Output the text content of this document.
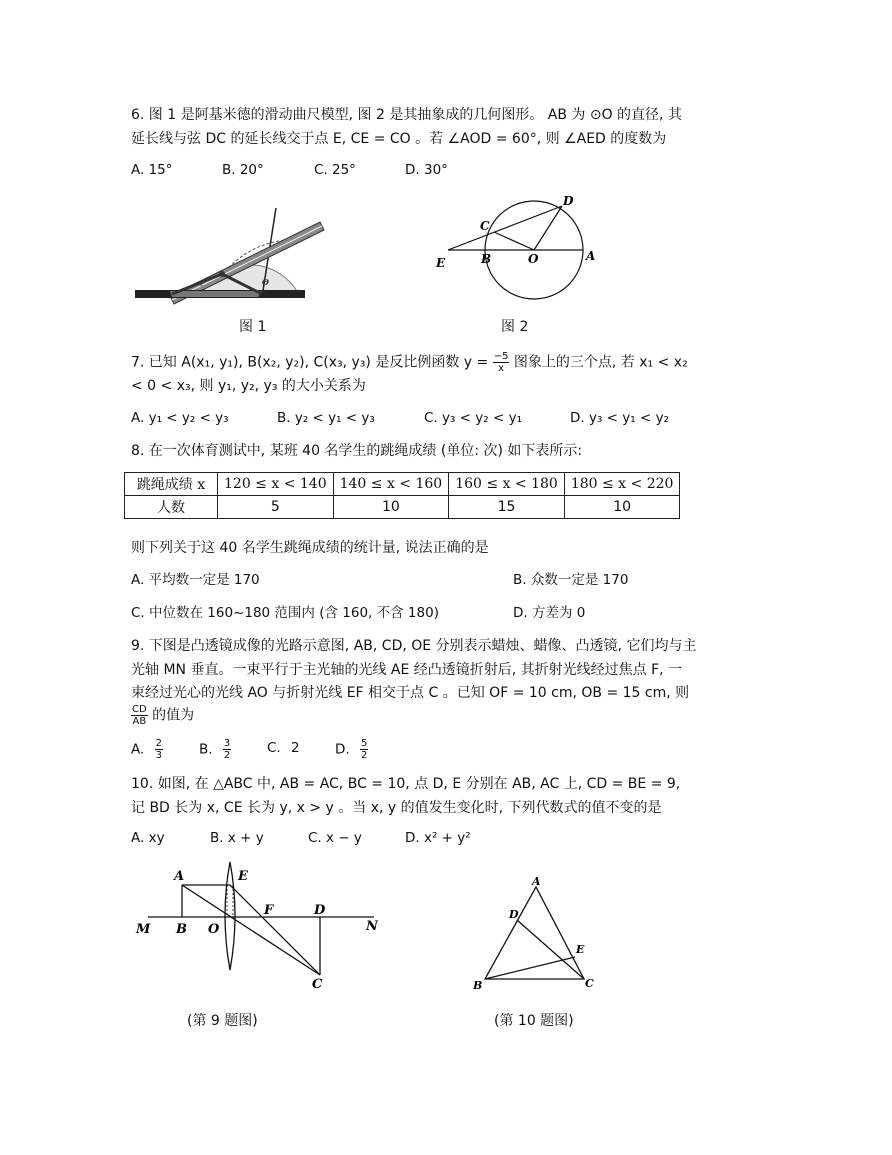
6. 图 1 是阿基米德的滑动曲尺模型, 图 2 是其抽象成的几何图形。 AB 为 ⊙O 的直径, 其
延长线与弦 DC 的延长线交于点 E, CE = CO 。若 ∠AOD = 60°, 则 ∠AED 的度数为
A. 15°	B. 20°	C. 25°	D. 30°
Θ
ℓ
图 1
C
D
E	B	O	A
图 2
7. 已知 A(x₁, y₁), B(x₂, y₂), C(x₃, y₃) 是反比例函数 $y = \frac{-5}{x}$ 图象上的三个点, 若 x₁ < x₂
< 0 < x₃, 则 y₁, y₂, y₃ 的大小关系为
A. y₁ < y₂ < y₃	B. y₂ < y₁ < y₃	C. y₃ < y₂ < y₁	D. y₃ < y₁ < y₂
8. 在一次体育测试中, 某班 40 名学生的跳绳成绩 (单位: 次) 如下表所示:
跳绳成绩 x	120 ≤ x < 140	140 ≤ x < 160	160 ≤ x < 180	180 ≤ x < 220
人数	5	10	15	10
则下列关于这 40 名学生跳绳成绩的统计量, 说法正确的是
A. 平均数一定是 170	B. 众数一定是 170
C. 中位数在 160~180 范围内 (含 160, 不含 180)	D. 方差为 0
9. 下图是凸透镜成像的光路示意图, AB, CD, OE 分别表示蜡烛、蜡像、凸透镜, 它们均与主
光轴 MN 垂直。一束平行于主光轴的光线 AE 经凸透镜折射后, 其折射光线经过焦点 F, 一
束经过光心的光线 AO 与折射光线 EF 相交于点 C 。已知 OF = 10 cm, OB = 15 cm, 则
$\frac{CD}{AB}$ 的值为
A. $\frac{2}{3}$	B. $\frac{3}{2}$	C. 2	D. $\frac{5}{2}$
10. 如图, 在 △ABC 中, AB = AC, BC = 10, 点 D, E 分别在 AB, AC 上, CD = BE = 9,
记 BD 长为 x, CE 长为 y, x > y 。当 x, y 的值发生变化时, 下列代数式的值不变的是
A. xy	B. x + y	C. x − y	D. x² + y²
A	E
F	D
M B O	N
C
(第 9 题图)
A
D
E
B	C
(第 10 题图)
